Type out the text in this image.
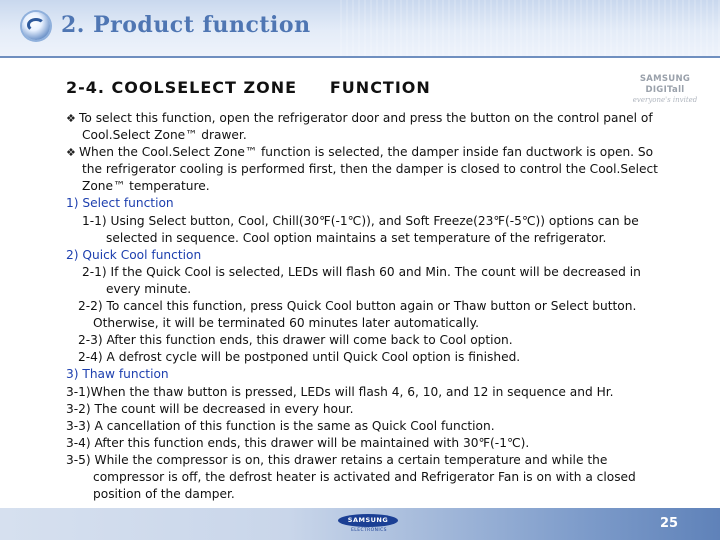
2. Product function
2-4. COOLSELECT ZONE     FUNCTION	SAMSUNG DIGITall
everyone's invited
❖ To select this function, open the refrigerator door and press the button on the control panel of
Cool.Select Zone™ drawer.
❖ When the Cool.Select Zone™ function is selected, the damper inside fan ductwork is open. So
the refrigerator cooling is performed first, then the damper is closed to control the Cool.Select
Zone™ temperature.
1) Select function
1-1) Using Select button, Cool, Chill(30℉(-1℃)), and Soft Freeze(23℉(-5℃)) options can be
selected in sequence. Cool option maintains a set temperature of the refrigerator.
2) Quick Cool function
2-1) If the Quick Cool is selected, LEDs will flash 60 and Min. The count will be decreased in
every minute.
2-2) To cancel this function, press Quick Cool button again or Thaw button or Select button.
Otherwise, it will be terminated 60 minutes later automatically.
2-3) After this function ends, this drawer will come back to Cool option.
2-4) A defrost cycle will be postponed until Quick Cool option is finished.
3) Thaw function
3-1)When the thaw button is pressed, LEDs will flash 4, 6, 10, and 12 in sequence and Hr.
3-2) The count will be decreased in every hour.
3-3) A cancellation of this function is the same as Quick Cool function.
3-4) After this function ends, this drawer will be maintained with 30℉(-1℃).
3-5) While the compressor is on, this drawer retains a certain temperature and while the
compressor is off, the defrost heater is activated and Refrigerator Fan is on with a closed
position of the damper.
SAMSUNG
ELECTRONICS	25
